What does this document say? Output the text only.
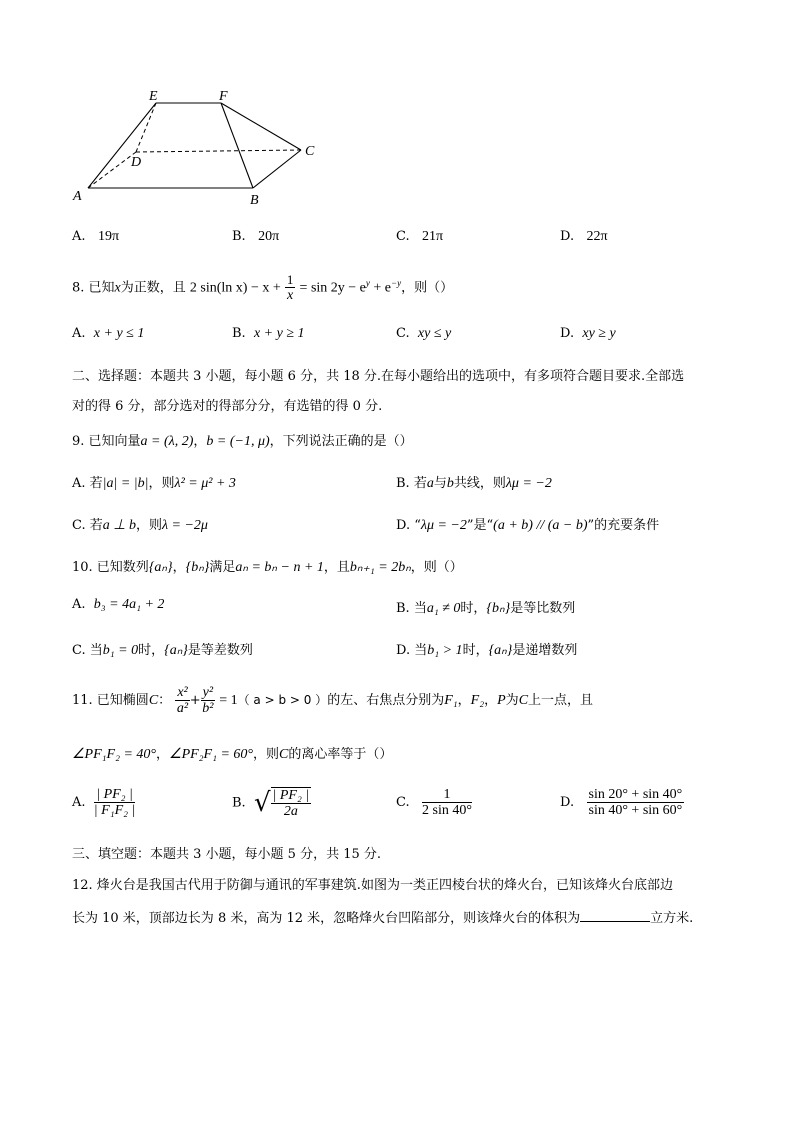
E	F
D
C
A	B
A. 19π	B. 20π	C. 21π	D. 22π
8. 已知x为正数，且 2 sin(ln $x) - x + \frac{1}{x} = \sin 2y - e^y + e^{-y}$，则（）
A. x + y ≤ 1	B. x + y ≥ 1	C. xy ≤ y	D. xy ≥ y
二、选择题：本题共 3 小题，每小题 6 分，共 18 分.在每小题给出的选项中，有多项符合题目要求.全部选
对的得 6 分，部分选对的得部分分，有选错的得 0 分.
9. 已知向量a = (λ, 2)，b = (−1, μ)，下列说法正确的是（）
A. 若|a| = |b|，则λ² = μ² + 3	B. 若a与b共线，则λμ = −2
C. 若a ⊥ b，则λ = −2μ	D. “λμ = −2”是“(a + b) // (a − b)”的充要条件
10. 已知数列{aₙ}，{bₙ}满足aₙ = bₙ − n + 1，且bₙ₊₁ = 2bₙ，则（）
A. b₃ = 4a₁ + 2	B. 当a₁ ≠ 0时，{bₙ}是等比数列
C. 当b₁ = 0时，{aₙ}是等差数列	D. 当b₁ > 1时，{aₙ}是递增数列
11. 已知椭圆C： $\frac{\text{x²}}{\text{a²}} + \frac{\text{y²}}{\text{b²}} = 1$（ a > b > 0 ）的左、右焦点分别为F₁，F₂，P为C上一点，且
∠PF₁F₂ = 40°，∠PF₂F₁ = 60°，则C的离心率等于（）
A. $\frac{\text{| PF₂ |}}{\text{| F₁F₂ |}}$	B. √ $\frac{\text{| PF₂ |}}{2a}$	C. $\frac{1}{2 \sin 40^\circ}$	D. $\frac{\sin 20^\circ + \sin 40^\circ}{\sin 40^\circ + \sin 60^\circ}$
三、填空题：本题共 3 小题，每小题 5 分，共 15 分.
12. 烽火台是我国古代用于防御与通讯的军事建筑.如图为一类正四棱台状的烽火台，已知该烽火台底部边
长为 10 米，顶部边长为 8 米，高为 12 米，忽略烽火台凹陷部分，则该烽火台的体积为	立方米.
